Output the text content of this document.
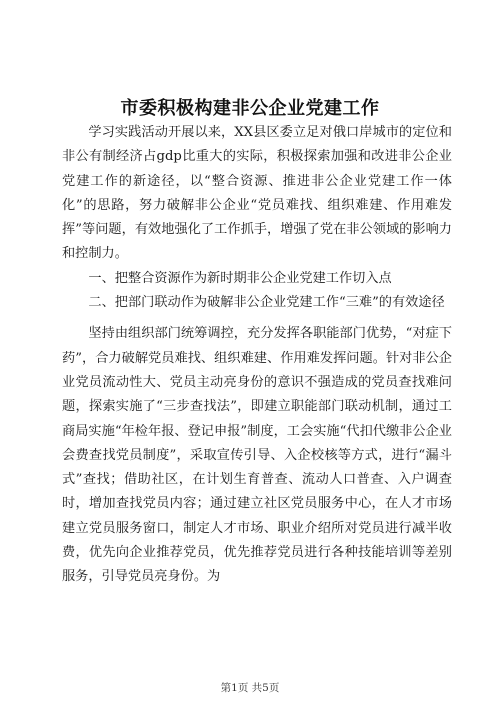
市委积极构建非公企业党建工作

学习实践活动开展以来，XX县区委立足对俄口岸城市的定位和非公有制经济占gdp比重大的实际，积极探索加强和改进非公企业党建工作的新途径，以“整合资源、推进非公企业党建工作一体化”的思路，努力破解非公企业“党员难找、组织难建、作用难发挥”等问题，有效地强化了工作抓手，增强了党在非公领域的影响力和控制力。

一、把整合资源作为新时期非公企业党建工作切入点

二、把部门联动作为破解非公企业党建工作“三难”的有效途径

坚持由组织部门统筹调控，充分发挥各职能部门优势，“对症下药”，合力破解党员难找、组织难建、作用难发挥问题。针对非公企业党员流动性大、党员主动亮身份的意识不强造成的党员查找难问题，探索实施了“三步查找法”，即建立职能部门联动机制，通过工商局实施“年检年报、登记申报”制度，工会实施“代扣代缴非公企业会费查找党员制度”，采取宣传引导、入企校核等方式，进行“漏斗式”查找；借助社区，在计划生育普查、流动人口普查、入户调查时，增加查找党员内容；通过建立社区党员服务中心，在人才市场建立党员服务窗口，制定人才市场、职业介绍所对党员进行减半收费，优先向企业推荐党员，优先推荐党员进行各种技能培训等差别服务，引导党员亮身份。为

第1页 共5页
